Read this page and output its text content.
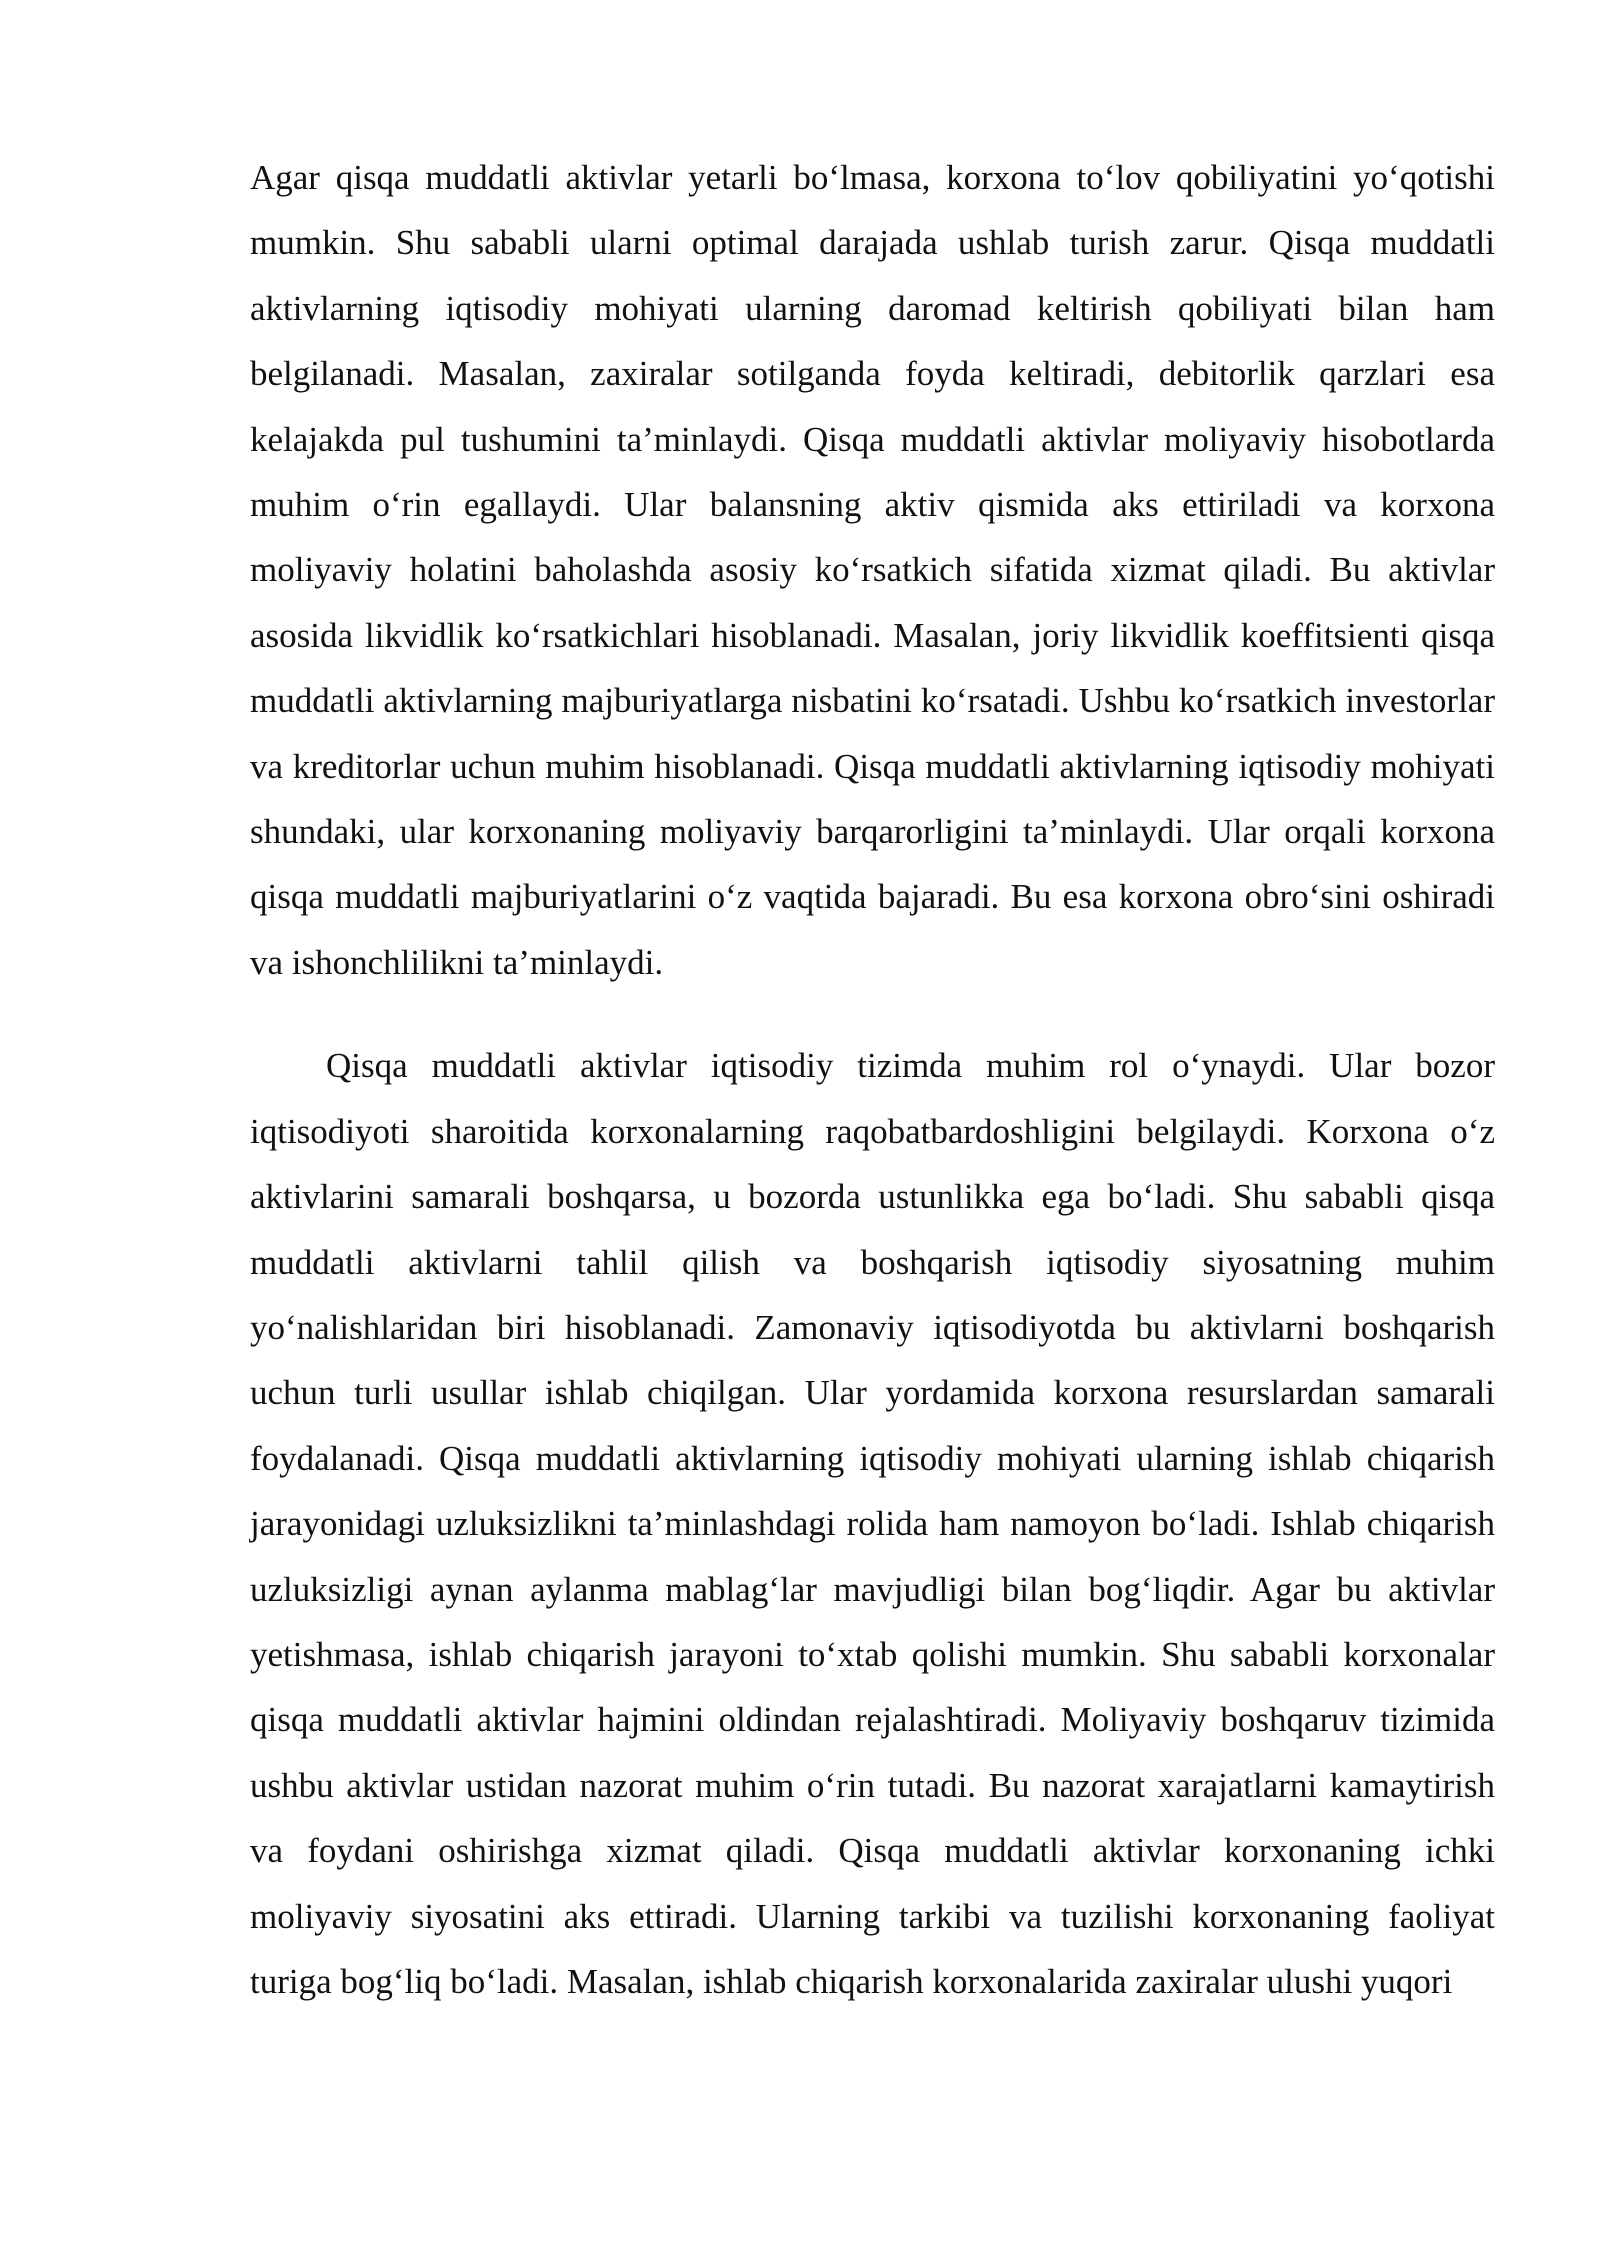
Agar qisqa muddatli aktivlar yetarli bo‘lmasa, korxona to‘lov qobiliyatini yo‘qotishi mumkin. Shu sababli ularni optimal darajada ushlab turish zarur. Qisqa muddatli aktivlarning iqtisodiy mohiyati ularning daromad keltirish qobiliyati bilan ham belgilanadi. Masalan, zaxiralar sotilganda foyda keltiradi, debitorlik qarzlari esa kelajakda pul tushumini ta’minlaydi. Qisqa muddatli aktivlar moliyaviy hisobotlarda muhim o‘rin egallaydi. Ular balansning aktiv qismida aks ettiriladi va korxona moliyaviy holatini baholashda asosiy ko‘rsatkich sifatida xizmat qiladi. Bu aktivlar asosida likvidlik ko‘rsatkichlari hisoblanadi. Masalan, joriy likvidlik koeffitsienti qisqa muddatli aktivlarning majburiyatlarga nisbatini ko‘rsatadi. Ushbu ko‘rsatkich investorlar va kreditorlar uchun muhim hisoblanadi. Qisqa muddatli aktivlarning iqtisodiy mohiyati shundaki, ular korxonaning moliyaviy barqarorligini ta’minlaydi. Ular orqali korxona qisqa muddatli majburiyatlarini o‘z vaqtida bajaradi. Bu esa korxona obro‘sini oshiradi va ishonchlilikni ta’minlaydi.

Qisqa muddatli aktivlar iqtisodiy tizimda muhim rol o‘ynaydi. Ular bozor iqtisodiyoti sharoitida korxonalarning raqobatbardoshligini belgilaydi. Korxona o‘z aktivlarini samarali boshqarsa, u bozorda ustunlikka ega bo‘ladi. Shu sababli qisqa muddatli aktivlarni tahlil qilish va boshqarish iqtisodiy siyosatning muhim yo‘nalishlaridan biri hisoblanadi. Zamonaviy iqtisodiyotda bu aktivlarni boshqarish uchun turli usullar ishlab chiqilgan. Ular yordamida korxona resurslardan samarali foydalanadi. Qisqa muddatli aktivlarning iqtisodiy mohiyati ularning ishlab chiqarish jarayonidagi uzluksizlikni ta’minlashdagi rolida ham namoyon bo‘ladi. Ishlab chiqarish uzluksizligi aynan aylanma mablag‘lar mavjudligi bilan bog‘liqdir. Agar bu aktivlar yetishmasa, ishlab chiqarish jarayoni to‘xtab qolishi mumkin. Shu sababli korxonalar qisqa muddatli aktivlar hajmini oldindan rejalashtiradi. Moliyaviy boshqaruv tizimida ushbu aktivlar ustidan nazorat muhim o‘rin tutadi. Bu nazorat xarajatlarni kamaytirish va foydani oshirishga xizmat qiladi. Qisqa muddatli aktivlar korxonaning ichki moliyaviy siyosatini aks ettiradi. Ularning tarkibi va tuzilishi korxonaning faoliyat turiga bog‘liq bo‘ladi. Masalan, ishlab chiqarish korxonalarida zaxiralar ulushi yuqori
